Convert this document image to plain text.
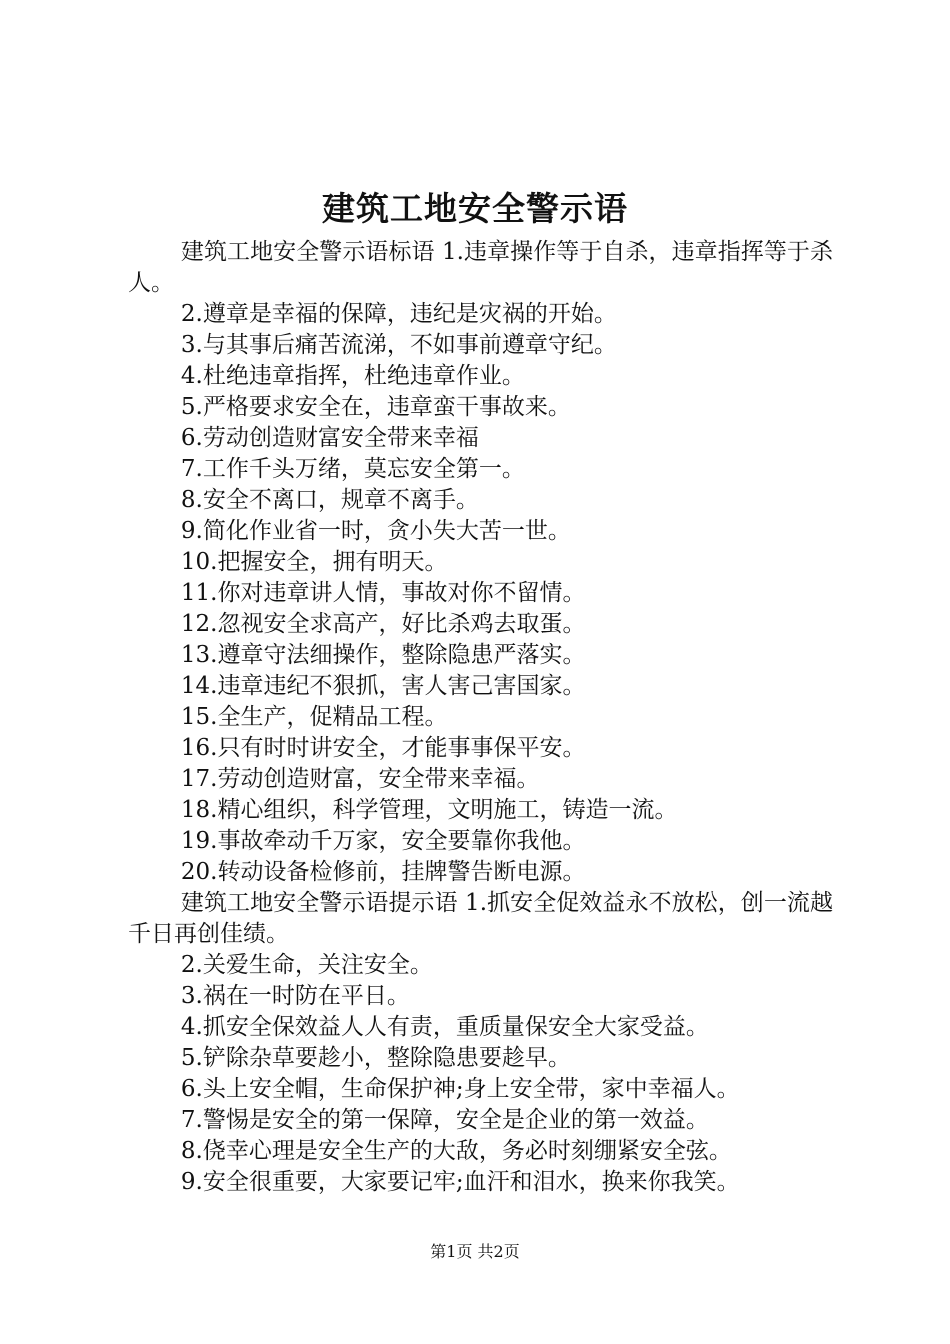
建筑工地安全警示语

建筑工地安全警示语标语 1.违章操作等于自杀，违章指挥等于杀人。

2.遵章是幸福的保障，违纪是灾祸的开始。

3.与其事后痛苦流涕，不如事前遵章守纪。

4.杜绝违章指挥，杜绝违章作业。

5.严格要求安全在，违章蛮干事故来。

6.劳动创造财富安全带来幸福

7.工作千头万绪，莫忘安全第一。

8.安全不离口，规章不离手。

9.简化作业省一时，贪小失大苦一世。

10.把握安全，拥有明天。

11.你对违章讲人情，事故对你不留情。

12.忽视安全求高产，好比杀鸡去取蛋。

13.遵章守法细操作，整除隐患严落实。

14.违章违纪不狠抓，害人害己害国家。

15.全生产，促精品工程。

16.只有时时讲安全，才能事事保平安。

17.劳动创造财富，安全带来幸福。

18.精心组织，科学管理，文明施工，铸造一流。

19.事故牵动千万家，安全要靠你我他。

20.转动设备检修前，挂牌警告断电源。

建筑工地安全警示语提示语 1.抓安全促效益永不放松，创一流越千日再创佳绩。

2.关爱生命，关注安全。

3.祸在一时防在平日。

4.抓安全保效益人人有责，重质量保安全大家受益。

5.铲除杂草要趁小，整除隐患要趁早。

6.头上安全帽，生命保护神;身上安全带，家中幸福人。

7.警惕是安全的第一保障，安全是企业的第一效益。

8.侥幸心理是安全生产的大敌，务必时刻绷紧安全弦。

9.安全很重要，大家要记牢;血汗和泪水，换来你我笑。

第1页 共2页
